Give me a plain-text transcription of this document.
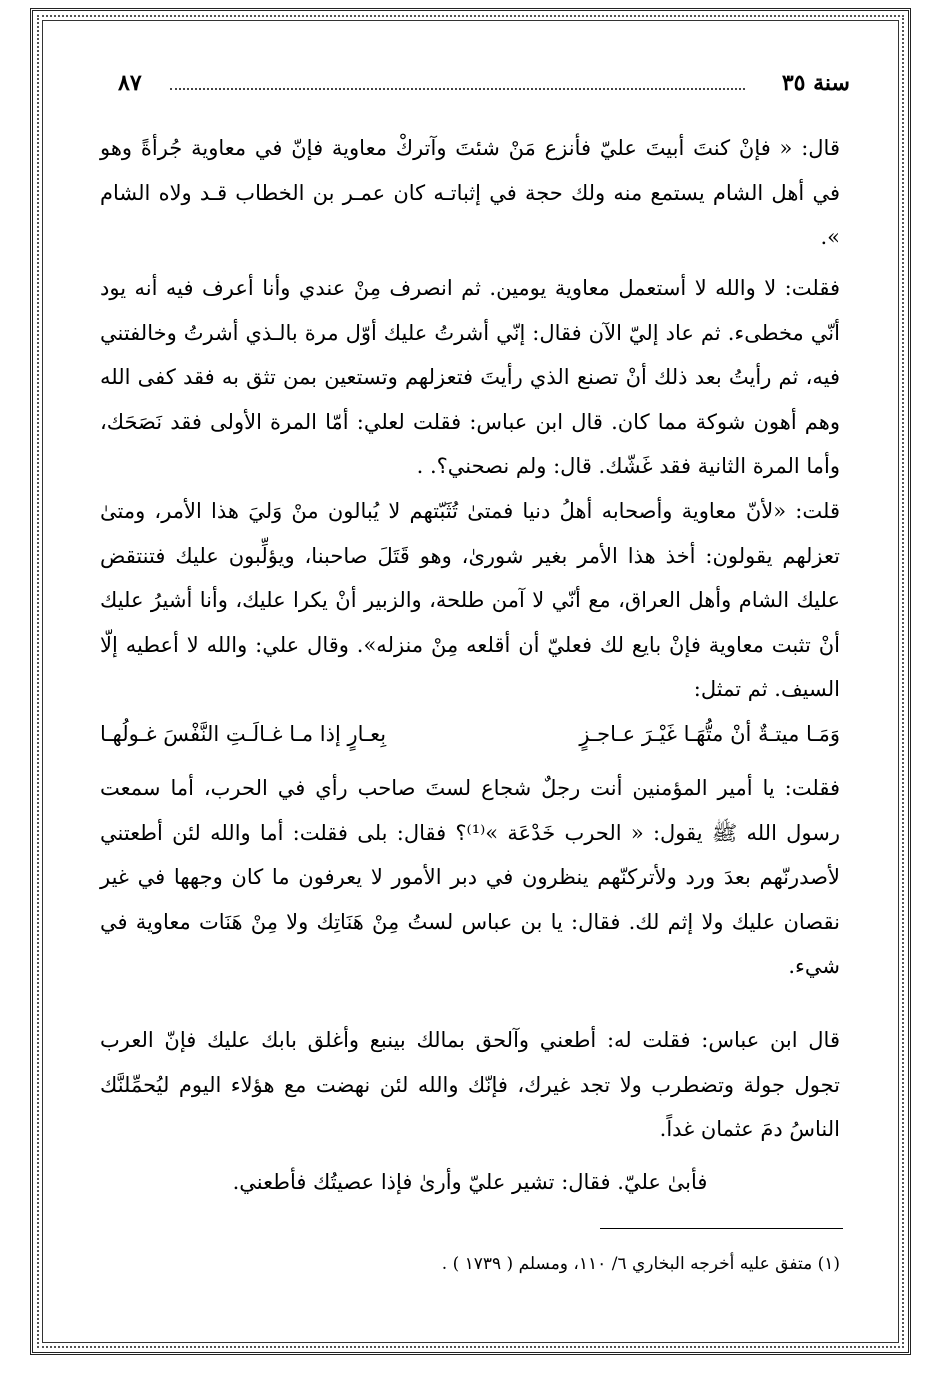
٨٧	سنة ٣٥

قال: « فإنْ كنتَ أبيتَ عليّ فأنزع مَنْ شئتَ وآتركْ معاوية فإنّ في معاوية جُرأةً وهو في أهل الشام يستمع منه ولك حجة في إثباتـه كان عمـر بن الخطاب قـد ولاه الشام ».

فقلت: لا والله لا أستعمل معاوية يومين. ثم انصرف مِنْ عندي وأنا أعرف فيه أنه يود أنّي مخطىء. ثم عاد إليّ الآن فقال: إنّي أشرتُ عليك أوّل مرة بالـذي أشرتُ وخالفتني فيه، ثم رأيتُ بعد ذلك أنْ تصنع الذي رأيتَ فتعزلهم وتستعين بمن تثق به فقد كفى الله وهم أهون شوكة مما كان. قال ابن عباس: فقلت لعلي: أمّا المرة الأولى فقد نَصَحَك، وأما المرة الثانية فقد غَشّك. قال: ولم نصحني؟. .

قلت: «لأنّ معاوية وأصحابه أهلُ دنيا فمتىٰ تُثَبّتهم لا يُبالون منْ وَليَ هذا الأمر، ومتىٰ تعزلهم يقولون: أخذ هذا الأمر بغير شورىٰ، وهو قَتَلَ صاحبنا، ويؤلِّبون عليك فتنتقض عليك الشام وأهل العراق، مع أنّي لا آمن طلحة، والزبير أنْ يكرا عليك، وأنا أشيرُ عليك أنْ تثبت معاوية فإنْ بايع لك فعليّ أن أقلعه مِنْ منزله». وقال علي: والله لا أعطيه إلّا السيف. ثم تمثل:

وَمَـا ميتـةٌ أنْ متُّهَـا غَيْـرَ عـاجـزٍ
بِعـارٍ إذا مـا غـالَـتِ النَّفْسَ غـولُهـا

فقلت: يا أمير المؤمنين أنت رجلٌ شجاع لستَ صاحب رأي في الحرب، أما سمعت رسول الله ﷺ يقول: « الحرب خَدْعَة »⁽¹⁾؟ فقال: بلى فقلت: أما والله لئن أطعتني لأصدرنّهم بعدَ ورد ولأتركنّهم ينظرون في دبر الأمور لا يعرفون ما كان وجهها في غير نقصان عليك ولا إثم لك. فقال: يا بن عباس لستُ مِنْ هَنَاتِك ولا مِنْ هَنَات معاوية في شيء.

قال ابن عباس: فقلت له: أطعني وآلحق بمالك بينبع وأغلق بابك عليك فإنّ العرب تجول جولة وتضطرب ولا تجد غيرك، فإنّك والله لئن نهضت مع هؤلاء اليوم ليُحمِّلنَّك الناسُ دمَ عثمان غداً.

فأبىٰ عليّ. فقال: تشير عليّ وأرىٰ فإذا عصيتُك فأطعني.
(١) متفق عليه أخرجه البخاري ٦/ ١١٠، ومسلم ( ١٧٣٩ ) .
